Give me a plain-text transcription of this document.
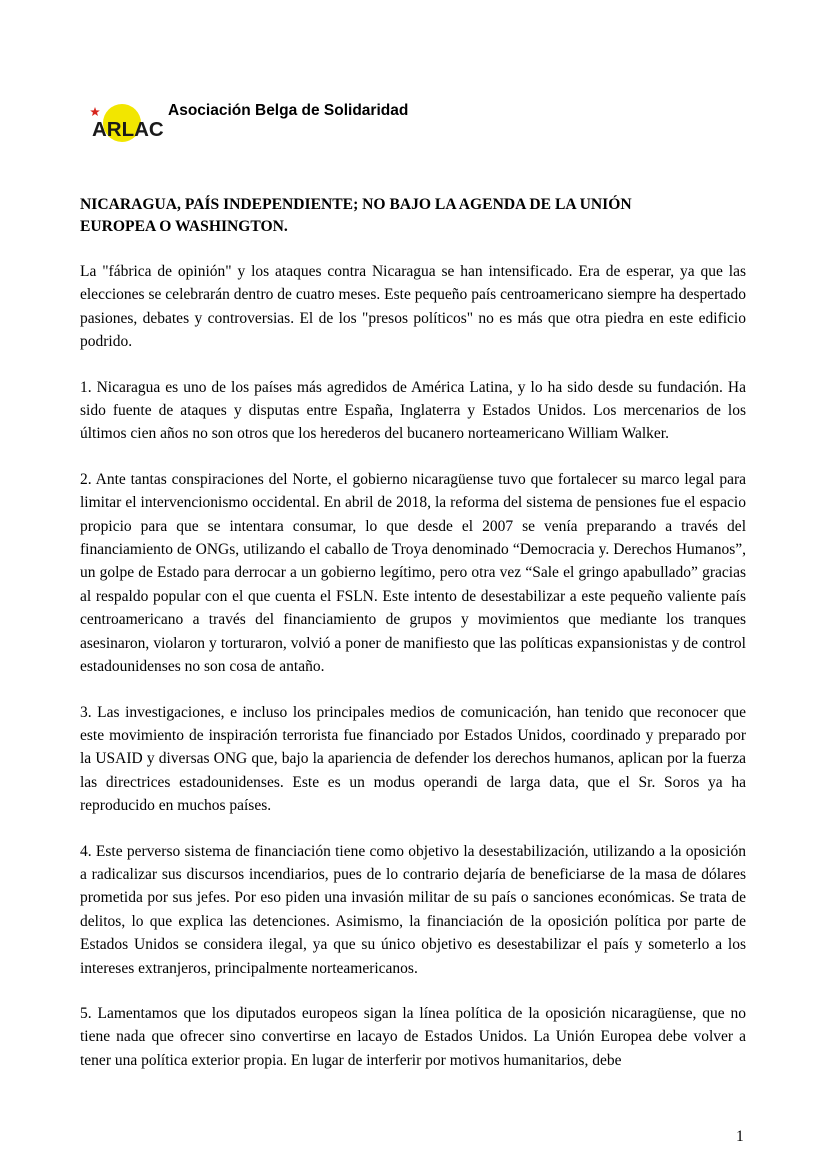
ARLAC
Asociación Belga de Solidaridad
NICARAGUA, PAÍS INDEPENDIENTE; NO BAJO LA AGENDA DE LA UNIÓN EUROPEA O WASHINGTON.

La "fábrica de opinión" y los ataques contra Nicaragua se han intensificado. Era de esperar, ya que las elecciones se celebrarán dentro de cuatro meses. Este pequeño país centroamericano siempre ha despertado pasiones, debates y controversias. El de los "presos políticos" no es más que otra piedra en este edificio podrido.

1. Nicaragua es uno de los países más agredidos de América Latina, y lo ha sido desde su fundación. Ha sido fuente de ataques y disputas entre España, Inglaterra y Estados Unidos. Los mercenarios de los últimos cien años no son otros que los herederos del bucanero norteamericano William Walker.

2. Ante tantas conspiraciones del Norte, el gobierno nicaragüense tuvo que fortalecer su marco legal para limitar el intervencionismo occidental. En abril de 2018, la reforma del sistema de pensiones fue el espacio propicio para que se intentara consumar, lo que desde el 2007 se venía preparando a través del financiamiento de ONGs, utilizando el caballo de Troya denominado “Democracia y. Derechos Humanos”, un golpe de Estado para derrocar a un gobierno legítimo, pero otra vez “Sale el gringo apabullado” gracias al respaldo popular con el que cuenta el FSLN. Este intento de desestabilizar a este pequeño valiente país centroamericano a través del financiamiento de grupos y movimientos que mediante los tranques asesinaron, violaron y torturaron, volvió a poner de manifiesto que las políticas expansionistas y de control estadounidenses no son cosa de antaño.

3. Las investigaciones, e incluso los principales medios de comunicación, han tenido que reconocer que este movimiento de inspiración terrorista fue financiado por Estados Unidos, coordinado y preparado por la USAID y diversas ONG que, bajo la apariencia de defender los derechos humanos, aplican por la fuerza las directrices estadounidenses. Este es un modus operandi de larga data, que el Sr. Soros ya ha reproducido en muchos países.

4. Este perverso sistema de financiación tiene como objetivo la desestabilización, utilizando a la oposición a radicalizar sus discursos incendiarios, pues de lo contrario dejaría de beneficiarse de la masa de dólares prometida por sus jefes. Por eso piden una invasión militar de su país o sanciones económicas. Se trata de delitos, lo que explica las detenciones. Asimismo, la financiación de la oposición política por parte de Estados Unidos se considera ilegal, ya que su único objetivo es desestabilizar el país y someterlo a los intereses extranjeros, principalmente norteamericanos.

5. Lamentamos que los diputados europeos sigan la línea política de la oposición nicaragüense, que no tiene nada que ofrecer sino convertirse en lacayo de Estados Unidos. La Unión Europea debe volver a tener una política exterior propia. En lugar de interferir por motivos humanitarios, debe

1
